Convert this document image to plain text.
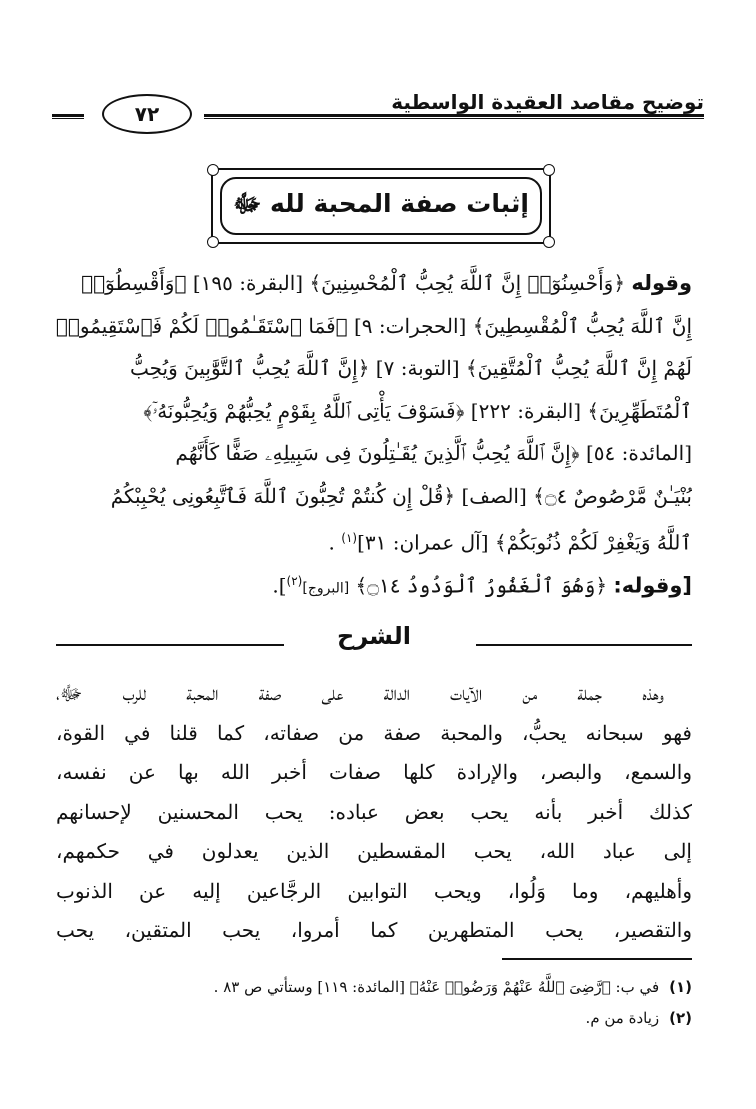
توضيح مقاصد العقيدة الواسطية
٧٢
إثبات صفة المحبة لله ﷻ
وقوله ﴿وَأَحْسِنُوٓا۟ إِنَّ ٱللَّهَ يُحِبُّ ٱلْمُحْسِنِينَ﴾ [البقرة: ١٩٥] ﴿وَأَقْسِطُوٓا۟
إِنَّ ٱللَّهَ يُحِبُّ ٱلْمُقْسِطِينَ﴾ [الحجرات: ٩] ﴿فَمَا ٱسْتَقَـٰمُوا۟ لَكُمْ فَٱسْتَقِيمُوا۟
لَهُمْ إِنَّ ٱللَّهَ يُحِبُّ ٱلْمُتَّقِينَ﴾ [التوبة: ٧] ﴿إِنَّ ٱللَّهَ يُحِبُّ ٱلتَّوَّٰبِينَ وَيُحِبُّ
ٱلْمُتَطَهِّرِينَ﴾ [البقرة: ٢٢٢] ﴿فَسَوْفَ يَأْتِى ٱللَّهُ بِقَوْمٍ يُحِبُّهُمْ وَيُحِبُّونَهُۥٓ﴾
[المائدة: ٥٤] ﴿إِنَّ ٱللَّهَ يُحِبُّ ٱلَّذِينَ يُقَـٰتِلُونَ فِى سَبِيلِهِۦ صَفًّا كَأَنَّهُم
بُنْيَـٰنٌ مَّرْصُوصٌ ۝٤﴾ [الصف] ﴿قُلْ إِن كُنتُمْ تُحِبُّونَ ٱللَّهَ فَٱتَّبِعُونِى يُحْبِبْكُمُ
ٱللَّهُ وَيَغْفِرْ لَكُمْ ذُنُوبَكُمْ﴾ [آل عمران: ٣١]$^{(١)}$ .
[وقوله: ﴿وَهُوَ ٱلْغَفُورُ ٱلْوَدُودُ ۝١٤﴾ [البروج]$^{(٢)}$].
الشرح
وهذه جملة من الآيات الدالة على صفة المحبة للرب ﷻ،
فهو سبحانه يحبُّ، والمحبة صفة من صفاته، كما قلنا في القوة،
والسمع، والبصر، والإرادة كلها صفات أخبر الله بها عن نفسه،
كذلك أخبر بأنه يحب بعض عباده: يحب المحسنين لإحسانهم
إلى عباد الله، يحب المقسطين الذين يعدلون في حكمهم،
وأهليهم، وما وَلُوا، ويحب التوابين الرجَّاعين إليه عن الذنوب
والتقصير، يحب المتطهرين كما أمروا، يحب المتقين، يحب
(١)في ب: ﴿رَّضِىَ ٱللَّهُ عَنْهُمْ وَرَضُوا۟ عَنْهُ﴾ [المائدة: ١١٩] وستأتي ص ٨٣ .
(٢)زيادة من م.
